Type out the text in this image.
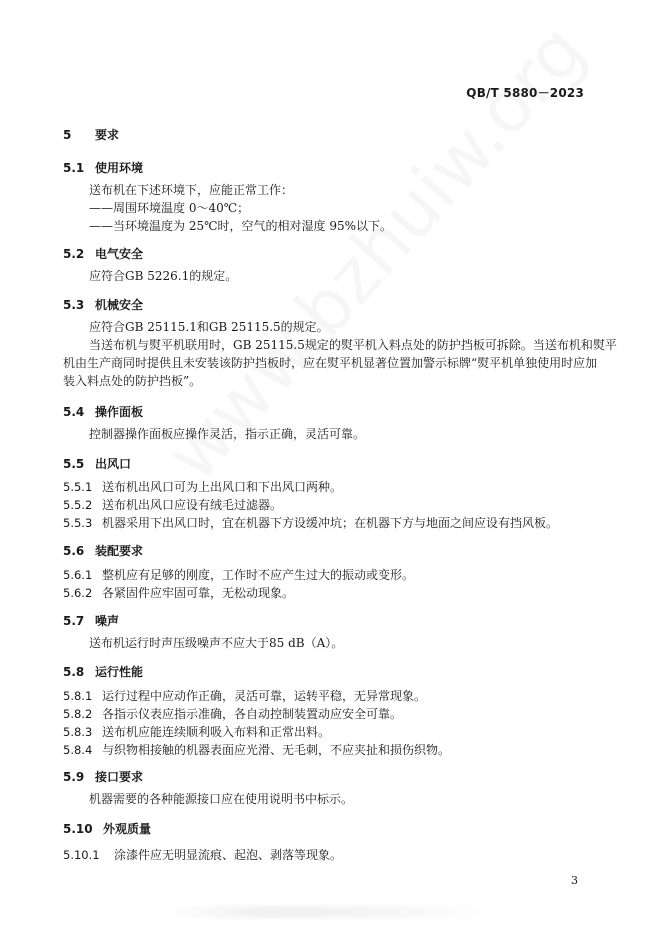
QB/T 5880－2023
5 要求
5.1 使用环境
送布机在下述环境下，应能正常工作：
——周围环境温度 0～40℃；
——当环境温度为 25℃时，空气的相对湿度 95%以下。
5.2 电气安全
应符合GB 5226.1的规定。
5.3 机械安全
应符合GB 25115.1和GB 25115.5的规定。
当送布机与熨平机联用时，GB 25115.5规定的熨平机入料点处的防护挡板可拆除。当送布机和熨平
机由生产商同时提供且未安装该防护挡板时，应在熨平机显著位置加警示标牌“熨平机单独使用时应加
装入料点处的防护挡板”。
5.4 操作面板
控制器操作面板应操作灵活，指示正确，灵活可靠。
5.5 出风口
5.5.1 送布机出风口可为上出风口和下出风口两种。
5.5.2 送布机出风口应设有绒毛过滤器。
5.5.3 机器采用下出风口时，宜在机器下方设缓冲坑；在机器下方与地面之间应设有挡风板。
5.6 装配要求
5.6.1 整机应有足够的刚度，工作时不应产生过大的振动或变形。
5.6.2 各紧固件应牢固可靠，无松动现象。
5.7 噪声
送布机运行时声压级噪声不应大于85 dB（A）。
5.8 运行性能
5.8.1 运行过程中应动作正确，灵活可靠，运转平稳，无异常现象。
5.8.2 各指示仪表应指示准确，各自动控制装置动应安全可靠。
5.8.3 送布机应能连续顺利吸入布料和正常出料。
5.8.4 与织物相接触的机器表面应光滑、无毛刺，不应夹扯和损伤织物。
5.9 接口要求
机器需要的各种能源接口应在使用说明书中标示。
5.10 外观质量
5.10.1 涂漆件应无明显流痕、起泡、剥落等现象。
3
